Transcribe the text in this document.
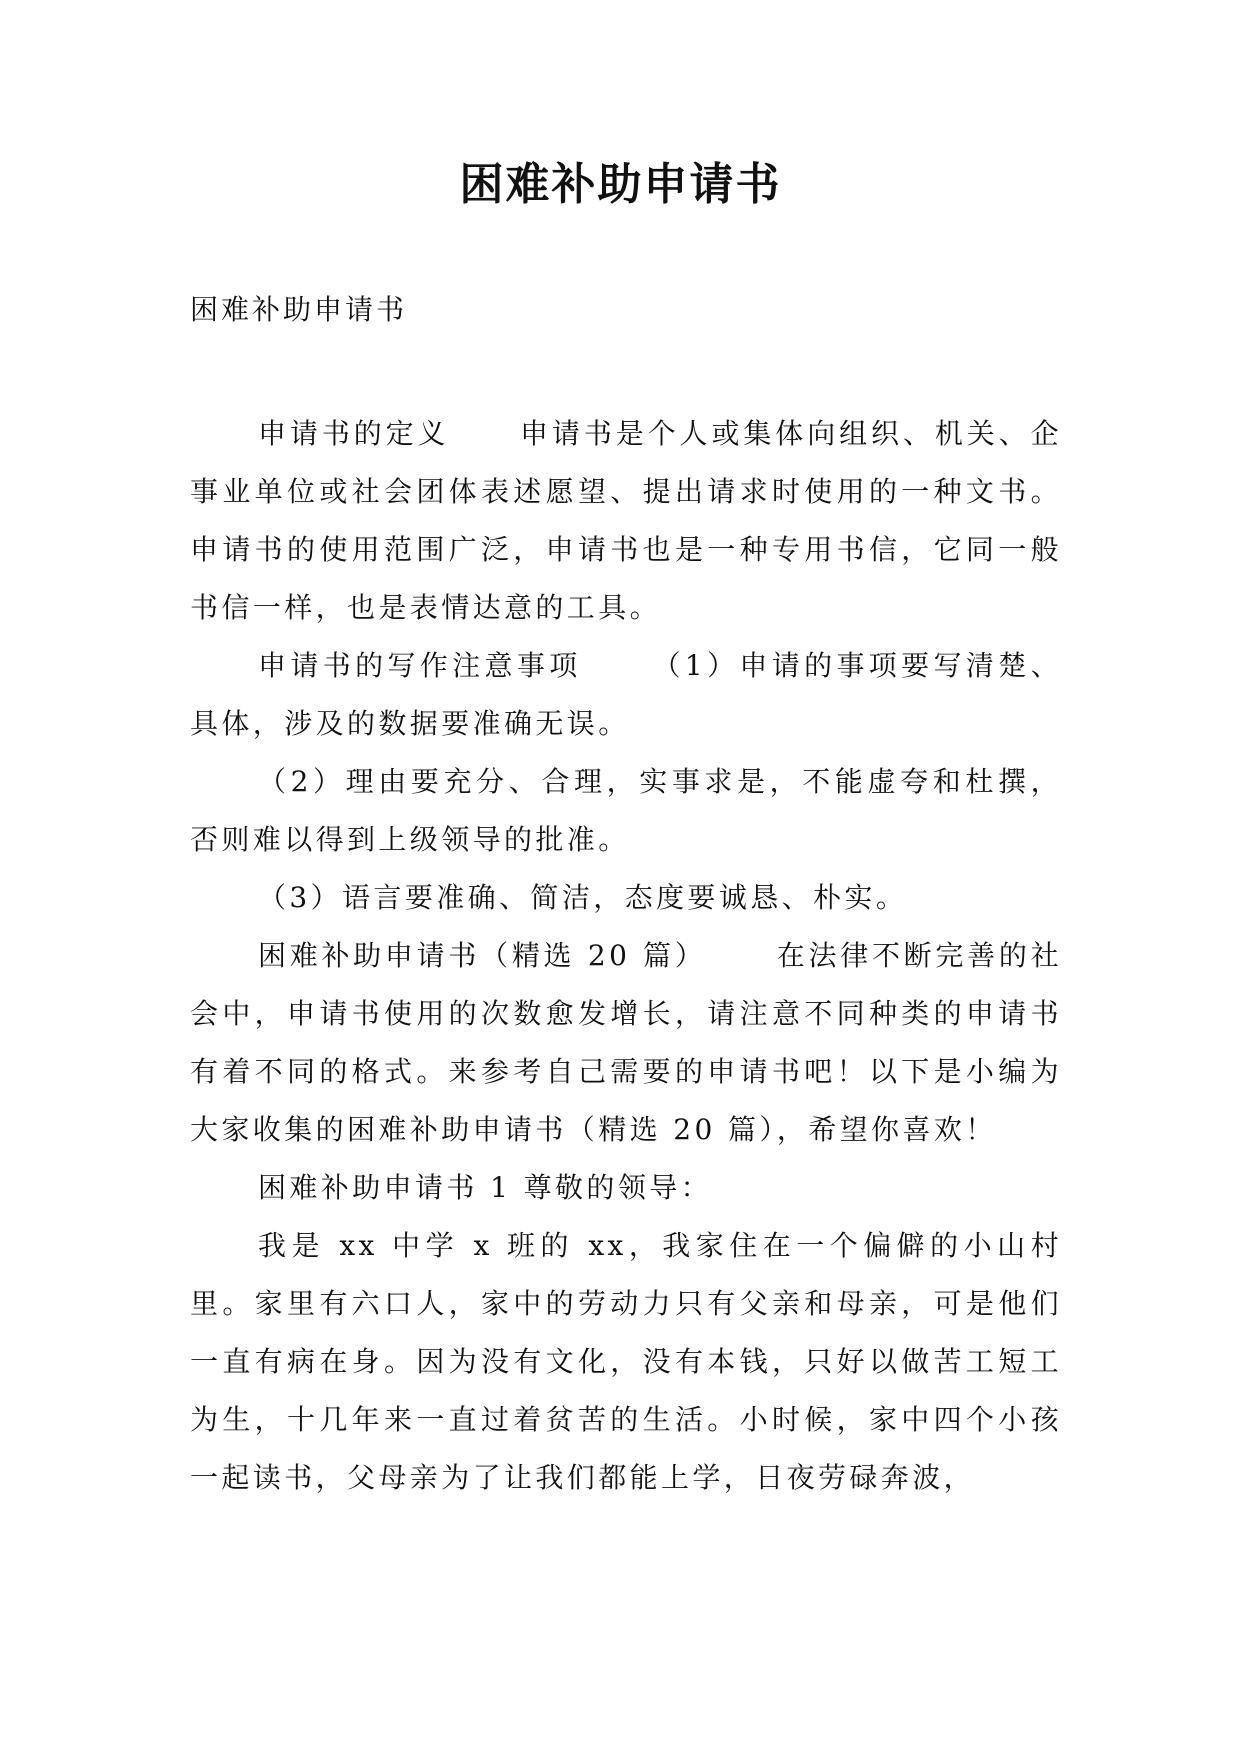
困难补助申请书
困难补助申请书

申请书的定义	申请书是个人或集体向组织、机关、企事业单位或社会团体表述愿望、提出请求时使用的一种文书。申请书的使用范围广泛，申请书也是一种专用书信，它同一般书信一样，也是表情达意的工具。

申请书的写作注意事项	（1）申请的事项要写清楚、具体，涉及的数据要准确无误。

（2）理由要充分、合理，实事求是，不能虚夸和杜撰，否则难以得到上级领导的批准。

（3）语言要准确、简洁，态度要诚恳、朴实。

困难补助申请书（精选 20 篇）	在法律不断完善的社会中，申请书使用的次数愈发增长，请注意不同种类的申请书有着不同的格式。来参考自己需要的申请书吧！以下是小编为大家收集的困难补助申请书（精选 20 篇），希望你喜欢！

困难补助申请书 1 尊敬的领导：

我是 xx 中学 x 班的 xx，我家住在一个偏僻的小山村里。家里有六口人，家中的劳动力只有父亲和母亲，可是他们一直有病在身。因为没有文化，没有本钱，只好以做苦工短工为生，十几年来一直过着贫苦的生活。小时候，家中四个小孩一起读书，父母亲为了让我们都能上学，日夜劳碌奔波，
